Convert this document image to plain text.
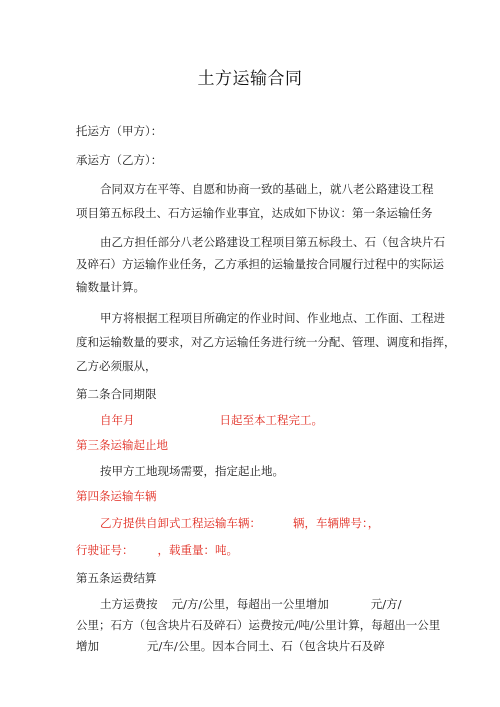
土方运输合同
托运方（甲方）：
承运方（乙方）：
合同双方在平等、自愿和协商一致的基础上，就八老公路建设工程
项目第五标段土、石方运输作业事宜，达成如下协议：第一条运输任务
由乙方担任部分八老公路建设工程项目第五标段土、石（包含块片石
及碎石）方运输作业任务，乙方承担的运输量按合同履行过程中的实际运
输数量计算。
甲方将根据工程项目所确定的作业时间、作业地点、工作面、工程进
度和运输数量的要求，对乙方运输任务进行统一分配、管理、调度和指挥，
乙方必须服从，
第二条合同期限
自年月	日起至本工程完工。
第三条运输起止地
按甲方工地现场需要，指定起止地。
第四条运输车辆
乙方提供自卸式工程运输车辆：	辆，车辆牌号：，
行驶证号： ，载重量：吨。
第五条运费结算
土方运费按 元/方/公里，每超出一公里增加	元/方/
公里；石方（包含块片石及碎石）运费按元/吨/公里计算，每超出一公里
增加	元/车/公里。因本合同土、石（包含块片石及碎
